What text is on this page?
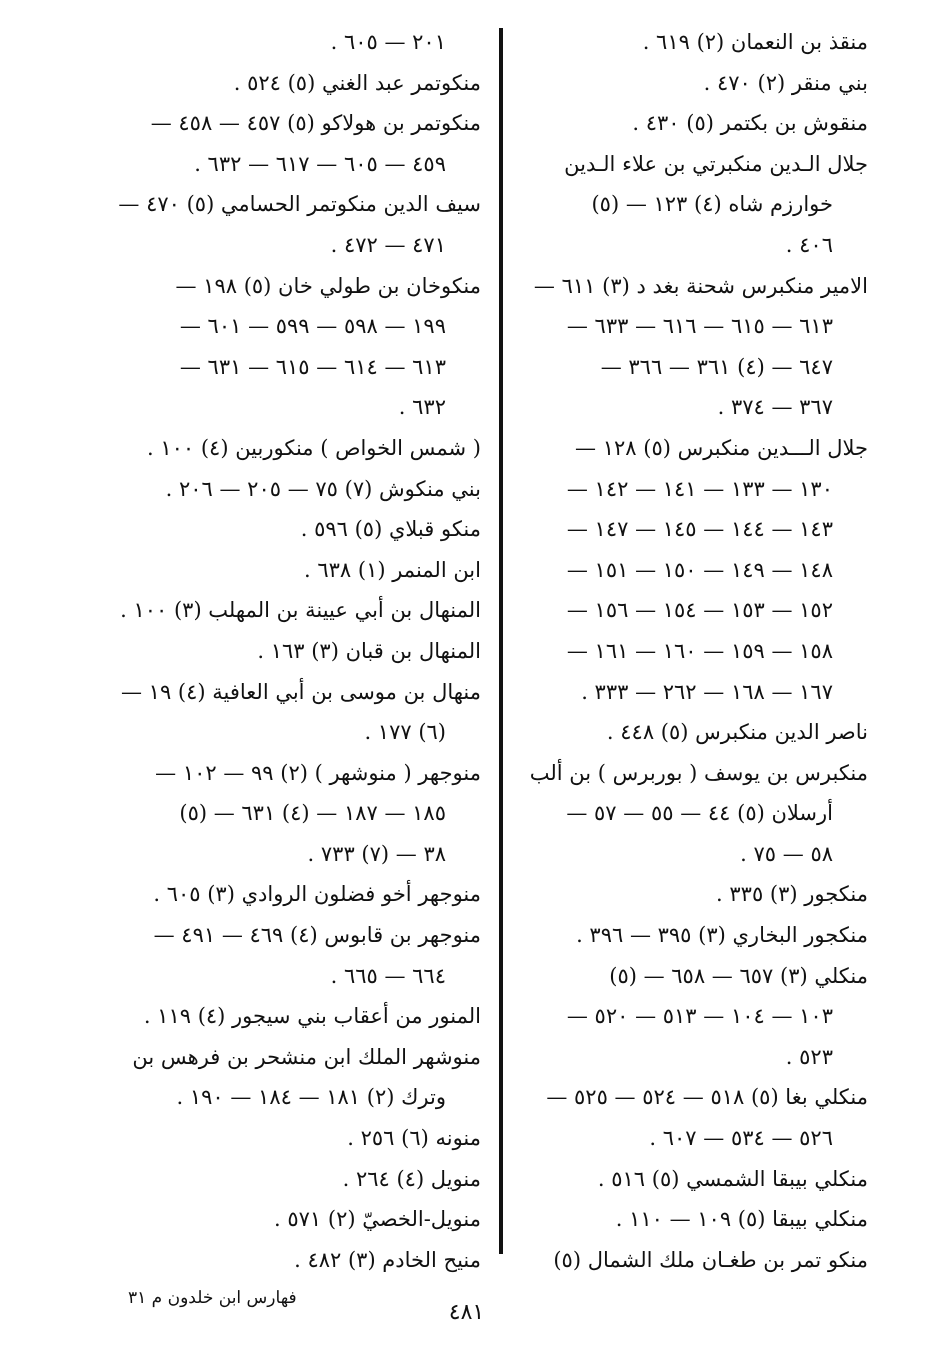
منقذ بن النعمان (٢) ٦١٩ .
بني منقر (٢) ٤٧٠ .
منقوش بن بكتمر (٥) ٤٣٠ .
جلال الـدين منكبرتي بن علاء الـدين
خوارزم شاه (٤) ١٢٣ — (٥)
٤٠٦ .
الامير منكبرس شحنة بغد د (٣) ٦١١ —
٦١٣ — ٦١٥ — ٦١٦ — ٦٣٣ —
٦٤٧ — (٤) ٣٦١ — ٣٦٦ —
٣٦٧ — ٣٧٤ .
جلال الـــدين منكبرس (٥) ١٢٨ —
١٣٠ — ١٣٣ — ١٤١ — ١٤٢ —
١٤٣ — ١٤٤ — ١٤٥ — ١٤٧ —
١٤٨ — ١٤٩ — ١٥٠ — ١٥١ —
١٥٢ — ١٥٣ — ١٥٤ — ١٥٦ —
١٥٨ — ١٥٩ — ١٦٠ — ١٦١ —
١٦٧ — ١٦٨ — ٢٦٢ — ٣٣٣ .
ناصر الدين منكبرس (٥) ٤٤٨ .
منكبرس بن يوسف ( بوربرس ) بن ألب
أرسلان (٥) ٤٤ — ٥٥ — ٥٧ —
٥٨ — ٧٥ .
منكجور (٣) ٣٣٥ .
منكجور البخاري (٣) ٣٩٥ — ٣٩٦ .
منكلي (٣) ٦٥٧ — ٦٥٨ — (٥)
١٠٣ — ١٠٤ — ٥١٣ — ٥٢٠ —
٥٢٣ .
منكلي بغا (٥) ٥١٨ — ٥٢٤ — ٥٢٥ —
٥٢٦ — ٥٣٤ — ٦٠٧ .
منكلي بيبقا الشمسي (٥) ٥١٦ .
منكلي بيبقا (٥) ١٠٩ — ١١٠ .
منكو تمر بن طغـان ملك الشمال (٥)
٢٠١ — ٦٠٥ .
منكوتمر عبد الغني (٥) ٥٢٤ .
منكوتمر بن هولاكو (٥) ٤٥٧ — ٤٥٨ —
٤٥٩ — ٦٠٥ — ٦١٧ — ٦٣٢ .
سيف الدين منكوتمر الحسامي (٥) ٤٧٠ —
٤٧١ — ٤٧٢ .
منكوخان بن طولي خان (٥) ١٩٨ —
١٩٩ — ٥٩٨ — ٥٩٩ — ٦٠١ —
٦١٣ — ٦١٤ — ٦١٥ — ٦٣١ —
٦٣٢ .
( شمس الخواص ) منكوربين (٤) ١٠٠ .
بني منكوش (٧) ٧٥ — ٢٠٥ — ٢٠٦ .
منكو قبلاي (٥) ٥٩٦ .
ابن المنمر (١) ٦٣٨ .
المنهال بن أبي عيينة بن المهلب (٣) ١٠٠ .
المنهال بن قبان (٣) ١٦٣ .
منهال بن موسى بن أبي العافية (٤) ١٩ —
(٦) ١٧٧ .
منوجهر ( منوشهر ) (٢) ٩٩ — ١٠٢ —
١٨٥ — ١٨٧ — (٤) ٦٣١ — (٥)
٣٨ — (٧) ٧٣٣ .
منوجهر أخو فضلون الروادي (٣) ٦٠٥ .
منوجهر بن قابوس (٤) ٤٦٩ — ٤٩١ —
٦٦٤ — ٦٦٥ .
المنور من أعقاب بني سيجور (٤) ١١٩ .
منوشهر الملك ابن منشحر بن فرهس بن
وترك (٢) ١٨١ — ١٨٤ — ١٩٠ .
منونه (٦) ٢٥٦ .
منويل (٤) ٢٦٤ .
منويل-الخصيّ (٢) ٥٧١ .
منيح الخادم (٣) ٤٨٢ .
فهارس ابن خلدون م ٣١
٤٨١
